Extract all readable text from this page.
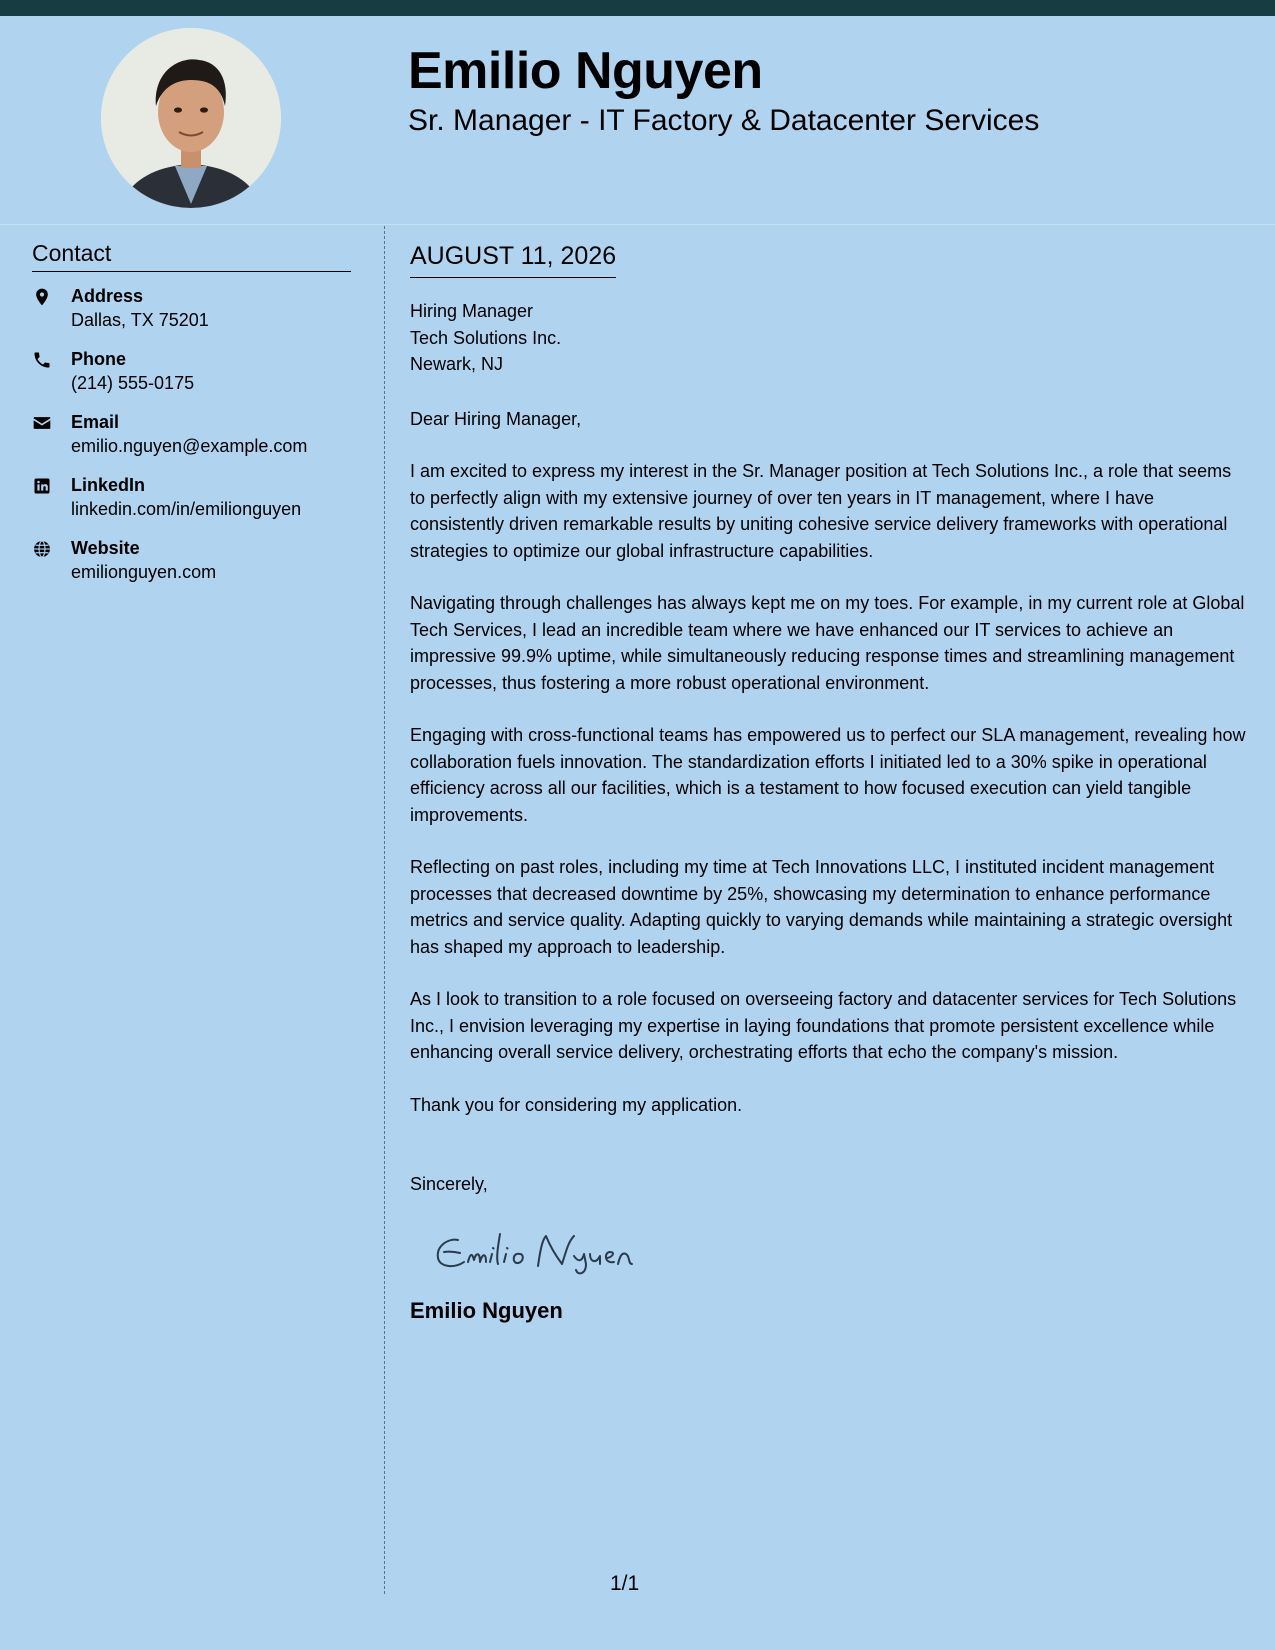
Emilio Nguyen
Sr. Manager - IT Factory & Datacenter Services
Contact
Address
Dallas, TX 75201
Phone
(214) 555-0175
Email
emilio.nguyen@example.com
LinkedIn
linkedin.com/in/emilionguyen
Website
emilionguyen.com
AUGUST 11, 2026

Hiring Manager

Tech Solutions Inc.

Newark, NJ

Dear Hiring Manager,

I am excited to express my interest in the Sr. Manager position at Tech Solutions Inc., a role that seems to perfectly align with my extensive journey of over ten years in IT management, where I have consistently driven remarkable results by uniting cohesive service delivery frameworks with operational strategies to optimize our global infrastructure capabilities.

Navigating through challenges has always kept me on my toes. For example, in my current role at Global Tech Services, I lead an incredible team where we have enhanced our IT services to achieve an impressive 99.9% uptime, while simultaneously reducing response times and streamlining management processes, thus fostering a more robust operational environment.

Engaging with cross-functional teams has empowered us to perfect our SLA management, revealing how collaboration fuels innovation. The standardization efforts I initiated led to a 30% spike in operational efficiency across all our facilities, which is a testament to how focused execution can yield tangible improvements.

Reflecting on past roles, including my time at Tech Innovations LLC, I instituted incident management processes that decreased downtime by 25%, showcasing my determination to enhance performance metrics and service quality. Adapting quickly to varying demands while maintaining a strategic oversight has shaped my approach to leadership.

As I look to transition to a role focused on overseeing factory and datacenter services for Tech Solutions Inc., I envision leveraging my expertise in laying foundations that promote persistent excellence while enhancing overall service delivery, orchestrating efforts that echo the company's mission.

Thank you for considering my application.

Sincerely,

Emilio Nguyen
1/1
